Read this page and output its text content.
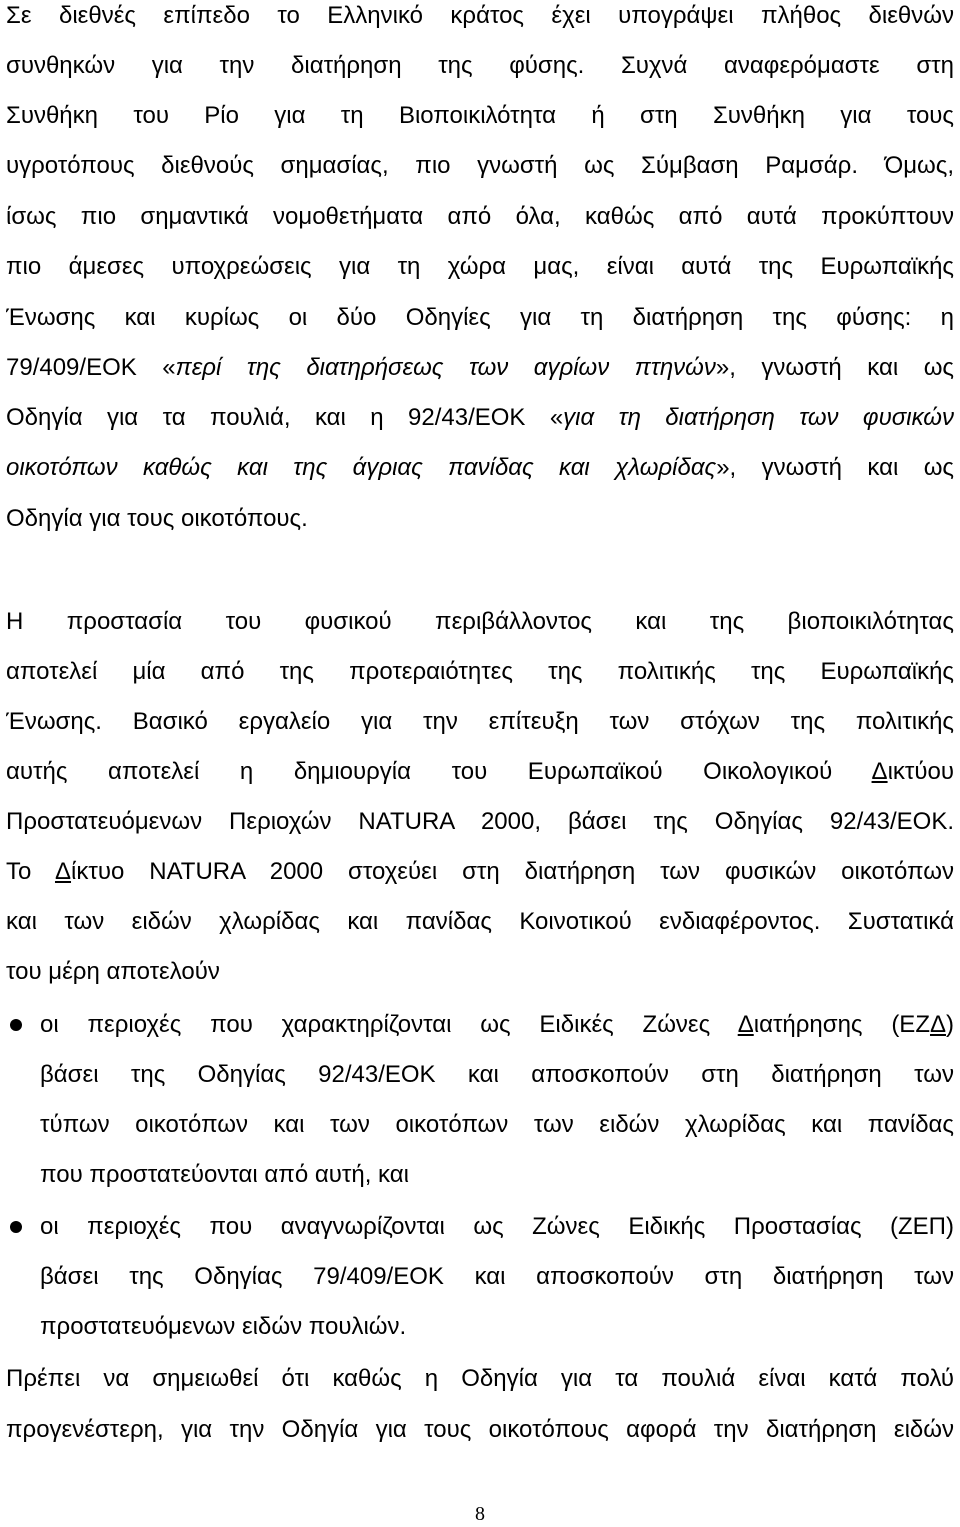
Σε διεθνές επίπεδο το Ελληνικό κράτος έχει υπογράψει πλήθος διεθνών
συνθηκών για την διατήρηση της φύσης. Συχνά αναφερόμαστε στη
Συνθήκη του Ρίο για τη Βιοποικιλότητα ή στη Συνθήκη για τους
υγροτόπους διεθνούς σημασίας, πιο γνωστή ως Σύμβαση Ραμσάρ. Όμως,
ίσως πιο σημαντικά νομοθετήματα από όλα, καθώς από αυτά προκύπτουν
πιο άμεσες υποχρεώσεις για τη χώρα μας, είναι αυτά της Ευρωπαϊκής
Ένωσης και κυρίως οι δύο Οδηγίες για τη διατήρηση της φύσης: η
79/409/ΕΟΚ «περί της διατηρήσεως των αγρίων πτηνών», γνωστή και ως
Οδηγία για τα πουλιά, και η 92/43/ΕΟΚ «για τη διατήρηση των φυσικών
οικοτόπων καθώς και της άγριας πανίδας και χλωρίδας», γνωστή και ως
Οδηγία για τους οικοτόπους.
Η προστασία του φυσικού περιβάλλοντος και της βιοποικιλότητας
αποτελεί μία από της προτεραιότητες της πολιτικής της Ευρωπαϊκής
Ένωσης. Βασικό εργαλείο για την επίτευξη των στόχων της πολιτικής
αυτής αποτελεί η δημιουργία του Ευρωπαϊκού Οικολογικού Δικτύου
Προστατευόμενων Περιοχών NATURA 2000, βάσει της Οδηγίας 92/43/ΕΟΚ.
Το Δίκτυο NATURA 2000 στοχεύει στη διατήρηση των φυσικών οικοτόπων
και των ειδών χλωρίδας και πανίδας Κοινοτικού ενδιαφέροντος. Συστατικά
του μέρη αποτελούν
οι περιοχές που χαρακτηρίζονται ως Ειδικές Ζώνες Διατήρησης (ΕΖΔ)
βάσει της Οδηγίας 92/43/ΕΟΚ και αποσκοπούν στη διατήρηση των
τύπων οικοτόπων και των οικοτόπων των ειδών χλωρίδας και πανίδας
που προστατεύονται από αυτή, και
οι περιοχές που αναγνωρίζονται ως Ζώνες Ειδικής Προστασίας (ΖΕΠ)
βάσει της Οδηγίας 79/409/ΕΟΚ και αποσκοπούν στη διατήρηση των
προστατευόμενων ειδών πουλιών.
Πρέπει να σημειωθεί ότι καθώς η Οδηγία για τα πουλιά είναι κατά πολύ
προγενέστερη, για την Οδηγία για τους οικοτόπους αφορά την διατήρηση ειδών
8
